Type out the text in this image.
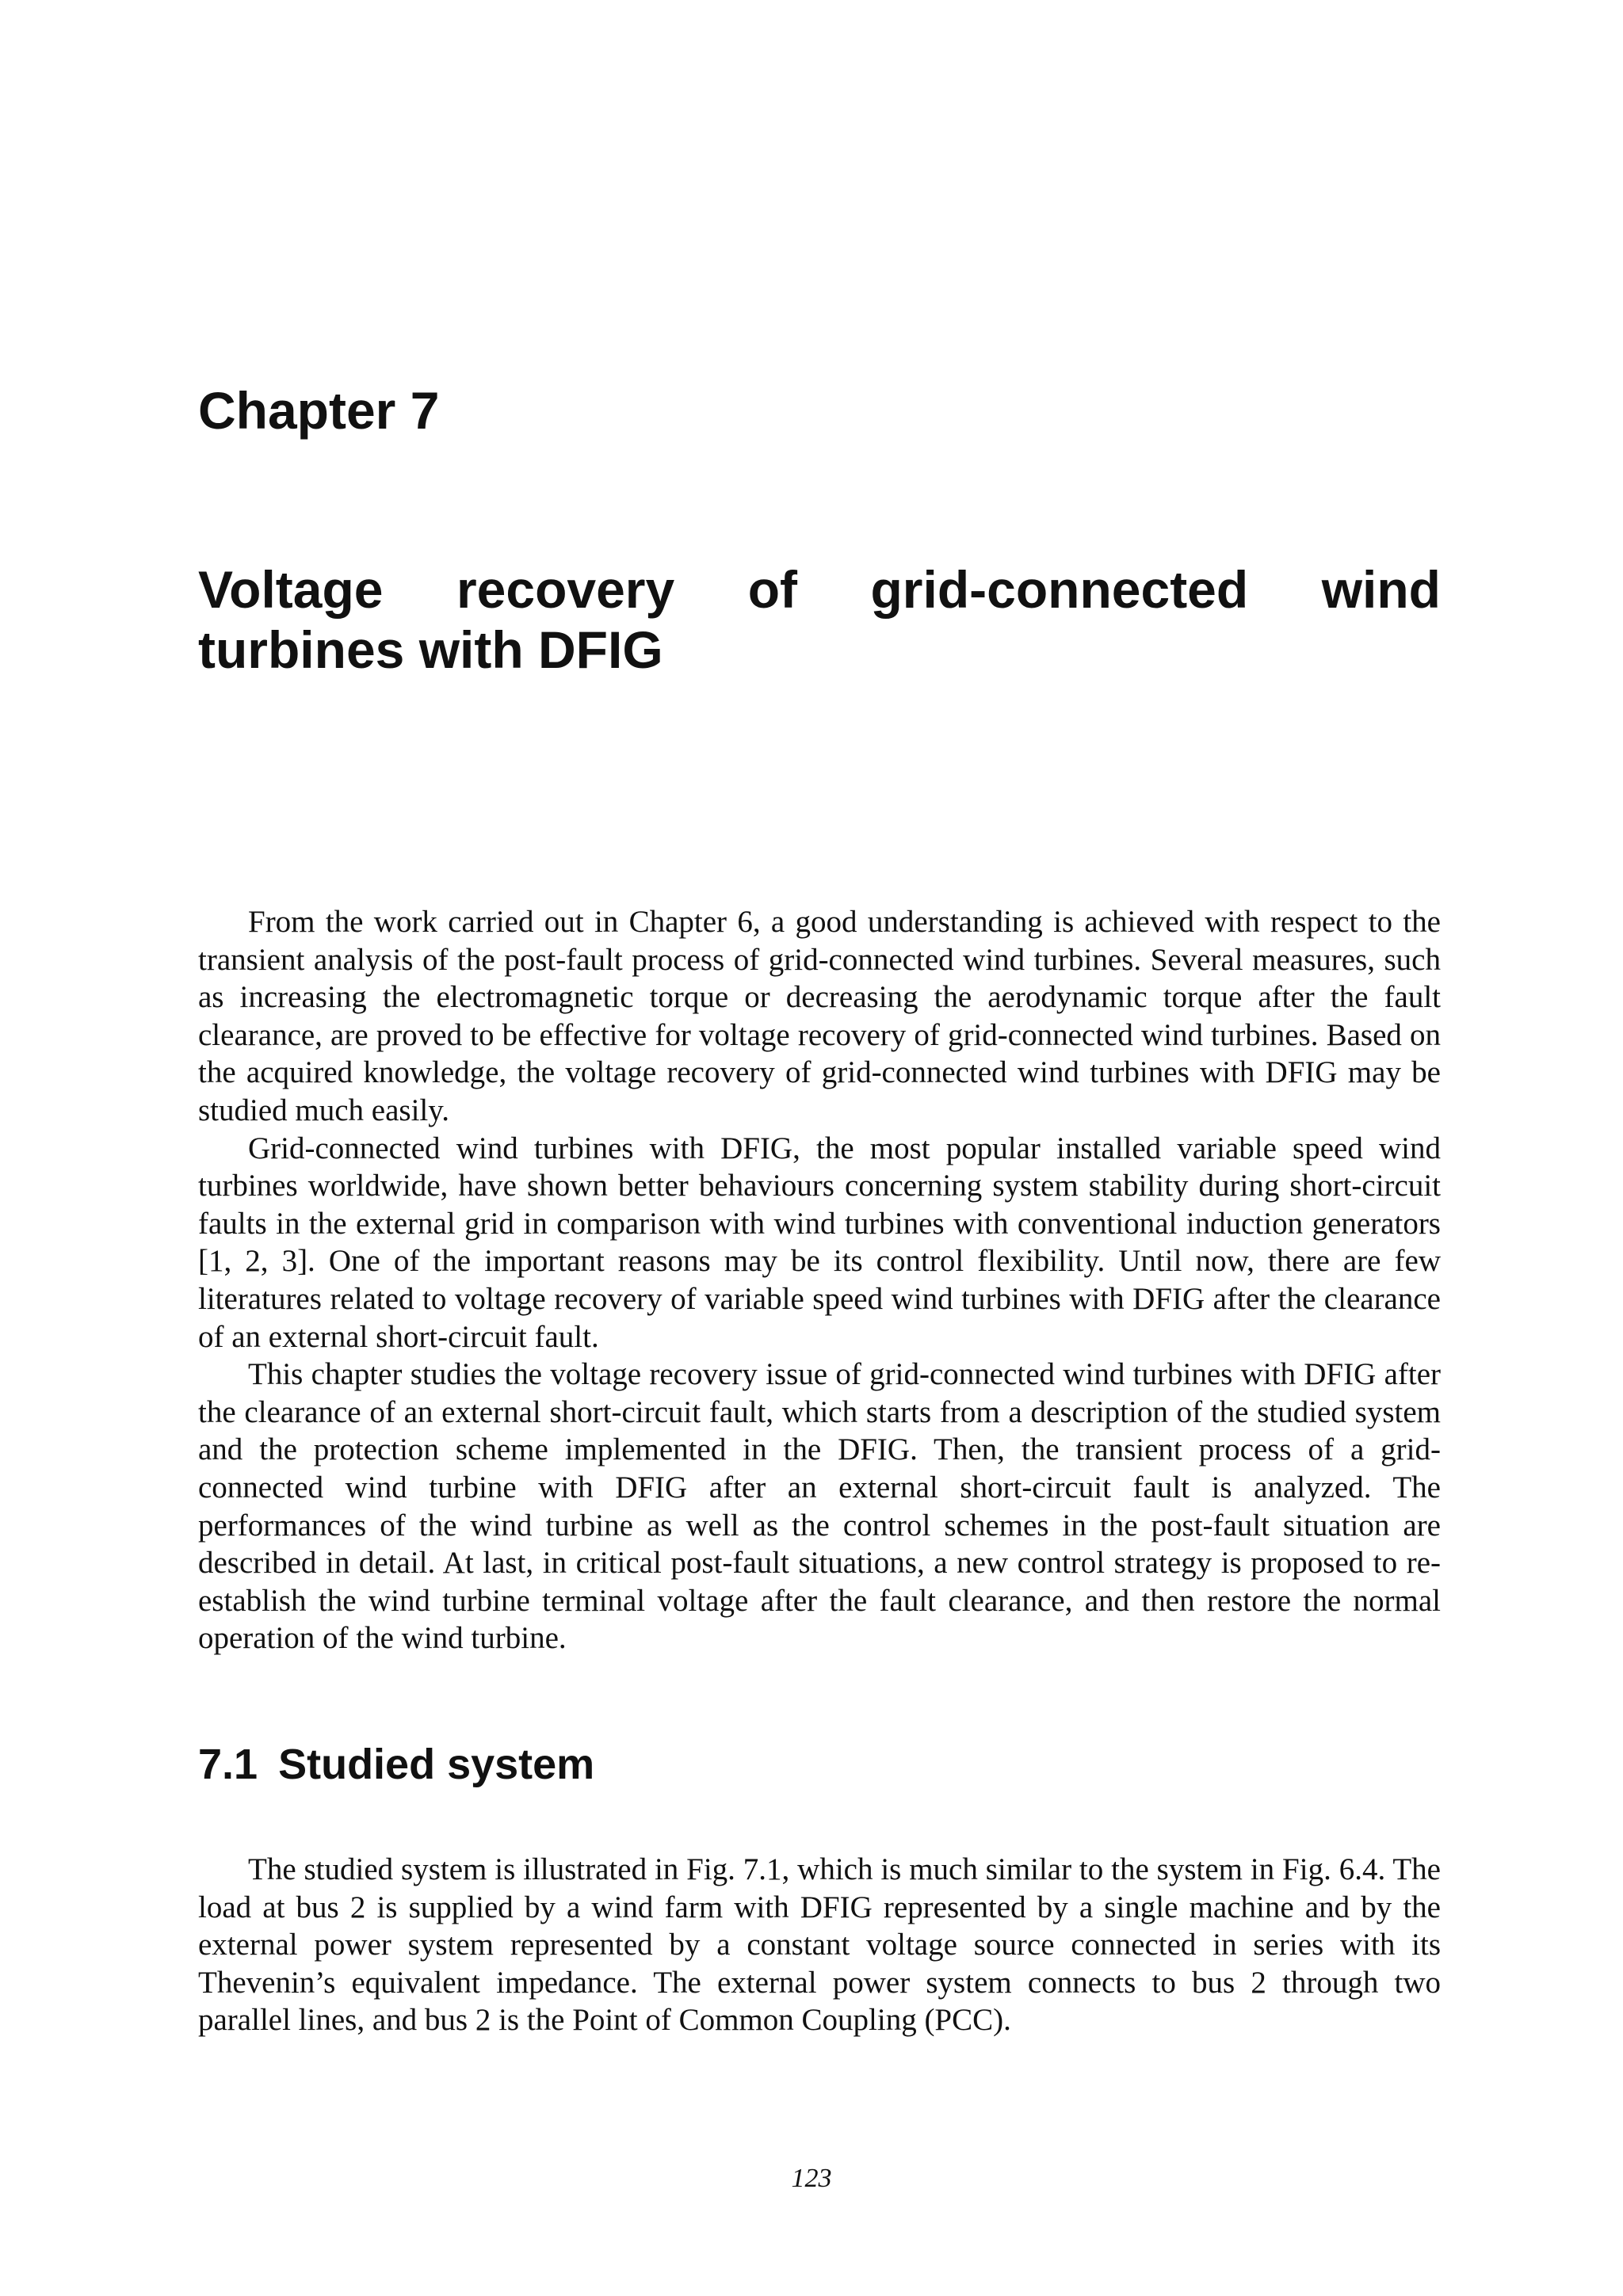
Chapter 7
Voltage recovery of grid-connected wind
turbines with DFIG

From the work carried out in Chapter 6, a good understanding is achieved with respect to the transient analysis of the post-fault process of grid-connected wind turbines. Several measures, such as increasing the electromagnetic torque or decreasing the aerodynamic torque after the fault clearance, are proved to be effective for voltage recovery of grid-connected wind turbines. Based on the acquired knowledge, the voltage recovery of grid-connected wind turbines with DFIG may be studied much easily.

Grid-connected wind turbines with DFIG, the most popular installed variable speed wind turbines worldwide, have shown better behaviours concerning system stability during short-circuit faults in the external grid in comparison with wind turbines with conventional induction generators [1, 2, 3]. One of the important reasons may be its control flexibility. Until now, there are few literatures related to voltage recovery of variable speed wind turbines with DFIG after the clearance of an external short-circuit fault.

This chapter studies the voltage recovery issue of grid-connected wind turbines with DFIG after the clearance of an external short-circuit fault, which starts from a description of the studied system and the protection scheme implemented in the DFIG. Then, the transient process of a grid-connected wind turbine with DFIG after an external short-circuit fault is analyzed. The performances of the wind turbine as well as the control schemes in the post-fault situation are described in detail. At last, in critical post-fault situations, a new control strategy is proposed to re-establish the wind turbine terminal voltage after the fault clearance, and then restore the normal operation of the wind turbine.

7.1 Studied system

The studied system is illustrated in Fig. 7.1, which is much similar to the system in Fig. 6.4. The load at bus 2 is supplied by a wind farm with DFIG represented by a single machine and by the external power system represented by a constant voltage source connected in series with its Thevenin’s equivalent impedance. The external power system connects to bus 2 through two parallel lines, and bus 2 is the Point of Common Coupling (PCC).

123
